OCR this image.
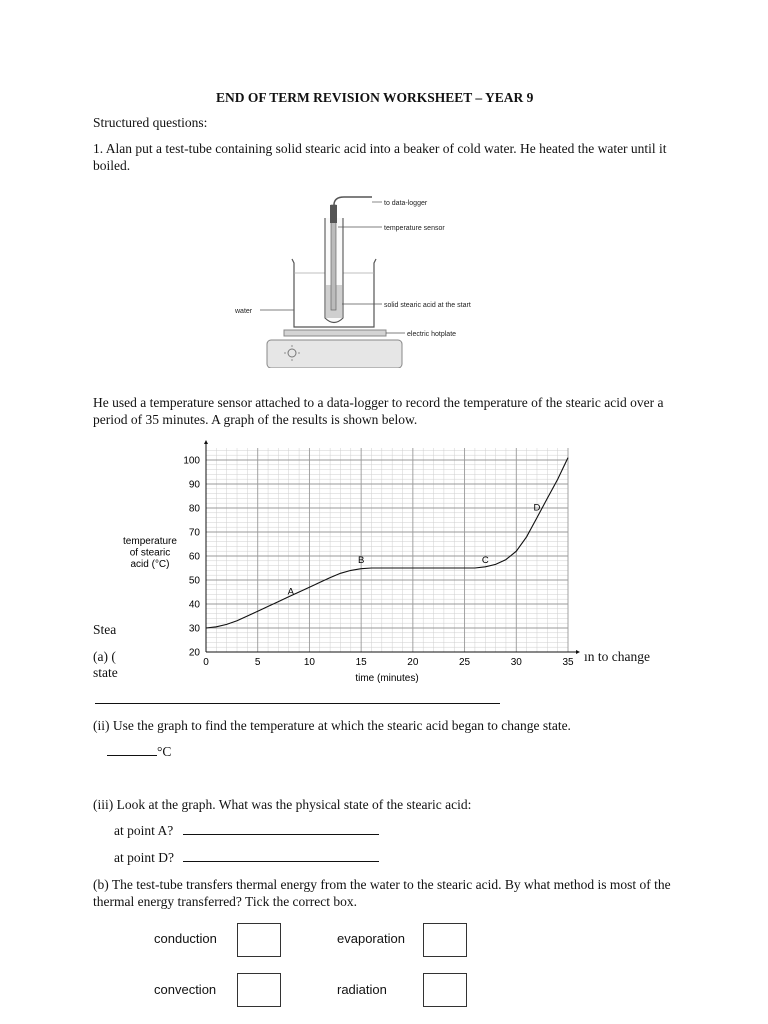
END OF TERM REVISION WORKSHEET – YEAR 9
Structured questions:
1. Alan put a test-tube containing solid stearic acid into a beaker of cold water. He heated the water until it boiled.
to data-logger
temperature sensor
solid stearic acid at the start
electric hotplate
water
He used a temperature sensor attached to a data-logger to record the temperature of the stearic acid over a period of 35 minutes. A graph of the results is shown below.
Stea
(a) (
state
ın to change
0	5	10	15	20	25	30	35
20
30
40
50
60
70
80
90
100
A
B	C
D
time (minutes)
temperature
of stearic
acid (°C)
(ii) Use the graph to find the temperature at which the stearic acid began to change state.
°C
(iii) Look at the graph. What was the physical state of the stearic acid:
at point A?
at point D?
(b) The test-tube transfers thermal energy from the water to the stearic acid. By what method is most of the thermal energy transferred? Tick the correct box.
conduction	evaporation
convection	radiation
